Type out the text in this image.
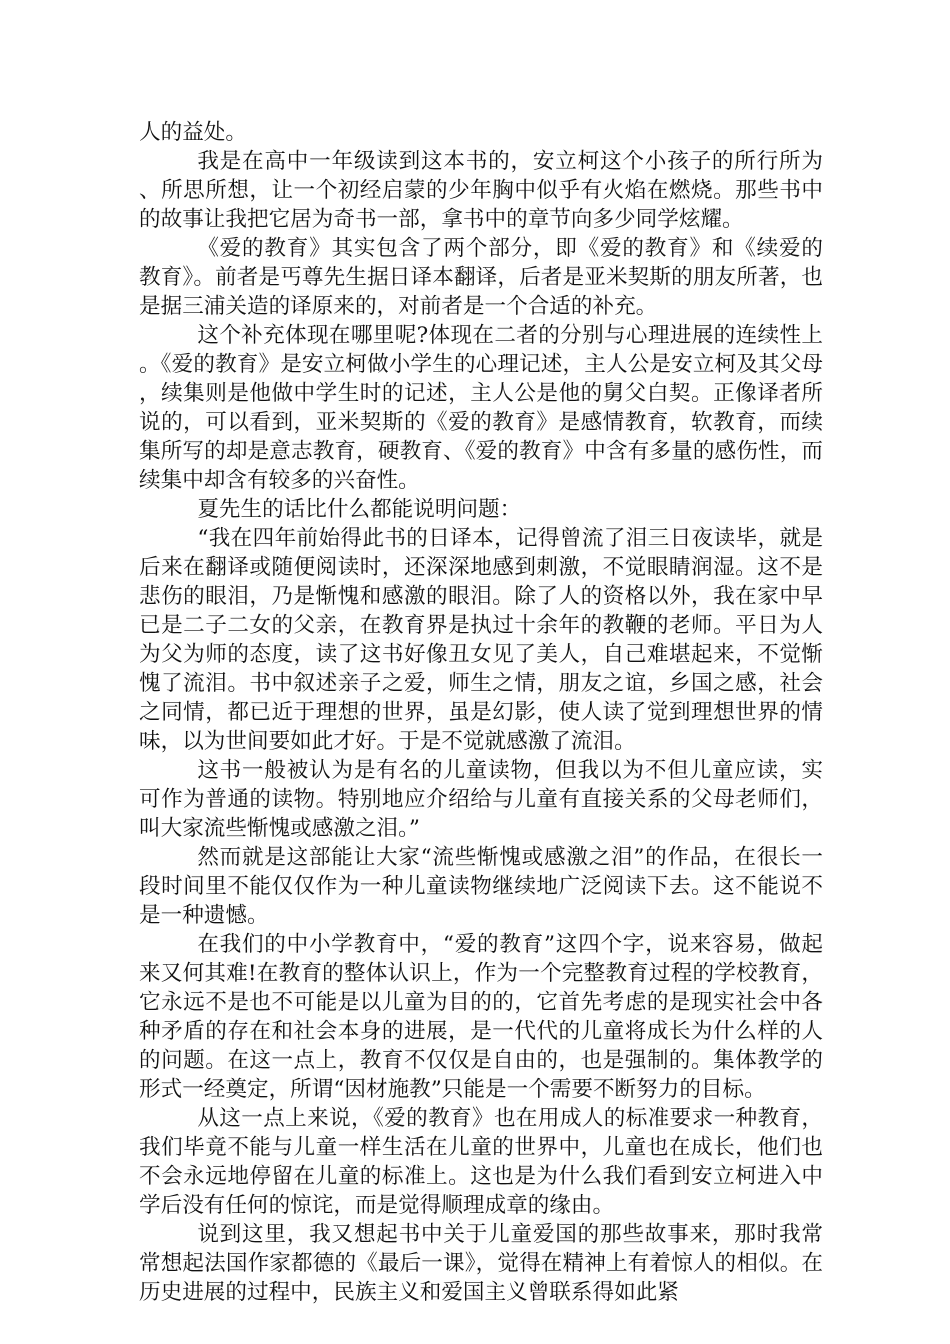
人的益处。

我是在高中一年级读到这本书的，安立柯这个小孩子的所行所为、所思所想，让一个初经启蒙的少年胸中似乎有火焰在燃烧。那些书中的故事让我把它居为奇书一部，拿书中的章节向多少同学炫耀。

《爱的教育》其实包含了两个部分，即《爱的教育》和《续爱的教育》。前者是丐尊先生据日译本翻译，后者是亚米契斯的朋友所著，也是据三浦关造的译原来的，对前者是一个合适的补充。

这个补充体现在哪里呢?体现在二者的分别与心理进展的连续性上。《爱的教育》是安立柯做小学生的心理记述，主人公是安立柯及其父母，续集则是他做中学生时的记述，主人公是他的舅父白契。正像译者所说的，可以看到，亚米契斯的《爱的教育》是感情教育，软教育，而续集所写的却是意志教育，硬教育、《爱的教育》中含有多量的感伤性，而续集中却含有较多的兴奋性。

夏先生的话比什么都能说明问题：

“我在四年前始得此书的日译本，记得曾流了泪三日夜读毕，就是后来在翻译或随便阅读时，还深深地感到刺激，不觉眼睛润湿。这不是悲伤的眼泪，乃是惭愧和感激的眼泪。除了人的资格以外，我在家中早已是二子二女的父亲，在教育界是执过十余年的教鞭的老师。平日为人为父为师的态度，读了这书好像丑女见了美人，自己难堪起来，不觉惭愧了流泪。书中叙述亲子之爱，师生之情，朋友之谊，乡国之感，社会之同情，都已近于理想的世界，虽是幻影，使人读了觉到理想世界的情味，以为世间要如此才好。于是不觉就感激了流泪。

这书一般被认为是有名的儿童读物，但我以为不但儿童应读，实可作为普通的读物。特别地应介绍给与儿童有直接关系的父母老师们，叫大家流些惭愧或感激之泪。”

然而就是这部能让大家“流些惭愧或感激之泪”的作品，在很长一段时间里不能仅仅作为一种儿童读物继续地广泛阅读下去。这不能说不是一种遗憾。

在我们的中小学教育中，“爱的教育”这四个字，说来容易，做起来又何其难!在教育的整体认识上，作为一个完整教育过程的学校教育，它永远不是也不可能是以儿童为目的的，它首先考虑的是现实社会中各种矛盾的存在和社会本身的进展，是一代代的儿童将成长为什么样的人的问题。在这一点上，教育不仅仅是自由的，也是强制的。集体教学的形式一经奠定，所谓“因材施教”只能是一个需要不断努力的目标。

从这一点上来说，《爱的教育》也在用成人的标准要求一种教育，我们毕竟不能与儿童一样生活在儿童的世界中，儿童也在成长，他们也不会永远地停留在儿童的标准上。这也是为什么我们看到安立柯进入中学后没有任何的惊诧，而是觉得顺理成章的缘由。

说到这里，我又想起书中关于儿童爱国的那些故事来，那时我常常想起法国作家都德的《最后一课》，觉得在精神上有着惊人的相似。在历史进展的过程中，民族主义和爱国主义曾联系得如此紧
